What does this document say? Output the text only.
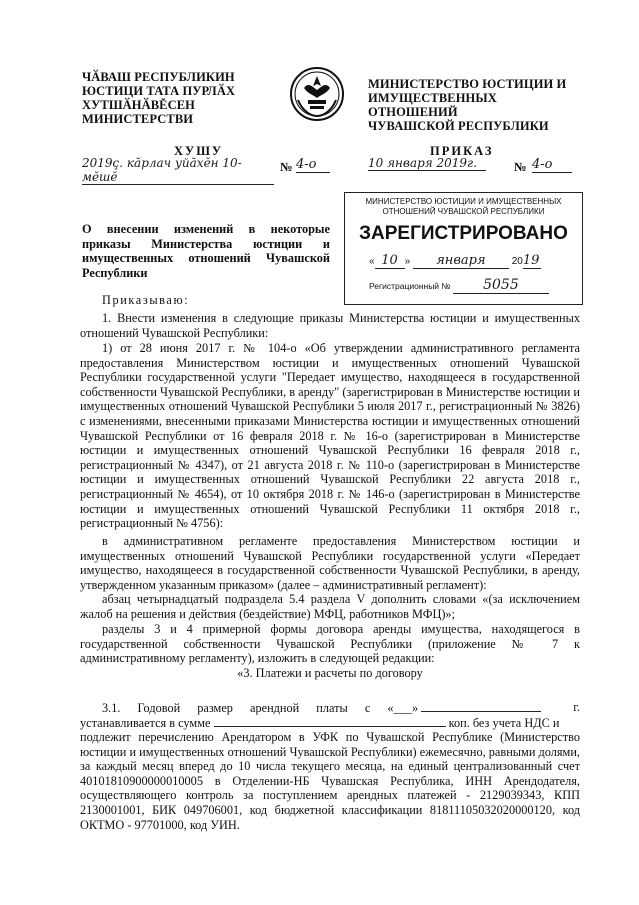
ЧӐВАШ РЕСПУБЛИКИН
ЮСТИЦИ ТАТА ПУРЛӐХ
ХУТШӐНӐВĔСЕН
МИНИСТЕРСТВИ
МИНИСТЕРСТВО ЮСТИЦИИ И
ИМУЩЕСТВЕННЫХ ОТНОШЕНИЙ
ЧУВАШСКОЙ РЕСПУБЛИКИ
ХУШУ
2019ҫ. кӑрлач уйӑхӗн 10-мӗшӗ
№ 4-о
ПРИКАЗ
10 января 2019г.	№ 4-о
О внесении изменений в некоторые приказы Министерства юстиции и имущественных отношений Чувашской Республики
МИНИСТЕРСТВО ЮСТИЦИИ И ИМУЩЕСТВЕННЫХ
ОТНОШЕНИЙ ЧУВАШСКОЙ РЕСПУБЛИКИ
ЗАРЕГИСТРИРОВАНО
« 10 » января	2019
Регистрационный № 5055
Приказываю:
1. Внести изменения в следующие приказы Министерства юстиции и имущественных отношений Чувашской Республики:
1) от 28 июня 2017 г. № 104-о «Об утверждении административного регламента предоставления Министерством юстиции и имущественных отношений Чувашской Республики государственной услуги "Передает имущество, находящееся в государственной собственности Чувашской Республики, в аренду" (зарегистрирован в Министерстве юстиции и имущественных отношений Чувашской Республики 5 июля 2017 г., регистрационный № 3826) с изменениями, внесенными приказами Министерства юстиции и имущественных отношений Чувашской Республики от 16 февраля 2018 г. № 16-о (зарегистрирован в Министерстве юстиции и имущественных отношений Чувашской Республики 16 февраля 2018 г., регистрационный № 4347), от 21 августа 2018 г. № 110-о (зарегистрирован в Министерстве юстиции и имущественных отношений Чувашской Республики 22 августа 2018 г., регистрационный № 4654), от 10 октября 2018 г. № 146-о (зарегистрирован в Министерстве юстиции и имущественных отношений Чувашской Республики 11 октября 2018 г., регистрационный № 4756):
в административном регламенте предоставления Министерством юстиции и имущественных отношений Чувашской Республики государственной услуги «Передает имущество, находящееся в государственной собственности Чувашской Республики, в аренду, утвержденном указанным приказом» (далее – административный регламент):
абзац четырнадцатый подраздела 5.4 раздела V дополнить словами «(за исключением жалоб на решения и действия (бездействие) МФЦ, работников МФЦ)»;
разделы 3 и 4 примерной формы договора аренды имущества, находящегося в государственной собственности Чувашской Республики (приложение № 7 к административному регламенту), изложить в следующей редакции:
«3. Платежи и расчеты по договору
3.1. Годовой размер арендной платы с «___»	г.
устанавливается в сумме	коп. без учета НДС и
подлежит перечислению Арендатором в УФК по Чувашской Республике (Министерство юстиции и имущественных отношений Чувашской Республики) ежемесячно, равными долями, за каждый месяц вперед до 10 числа текущего месяца, на единый централизованный счет 40101810900000010005 в Отделении-НБ Чувашская Республика, ИНН Арендодателя, осуществляющего контроль за поступлением арендных платежей - 2129039343, КПП 2130001001, БИК 049706001, код бюджетной классификации 81811105032020000120, код ОКТМО - 97701000, код УИН.
